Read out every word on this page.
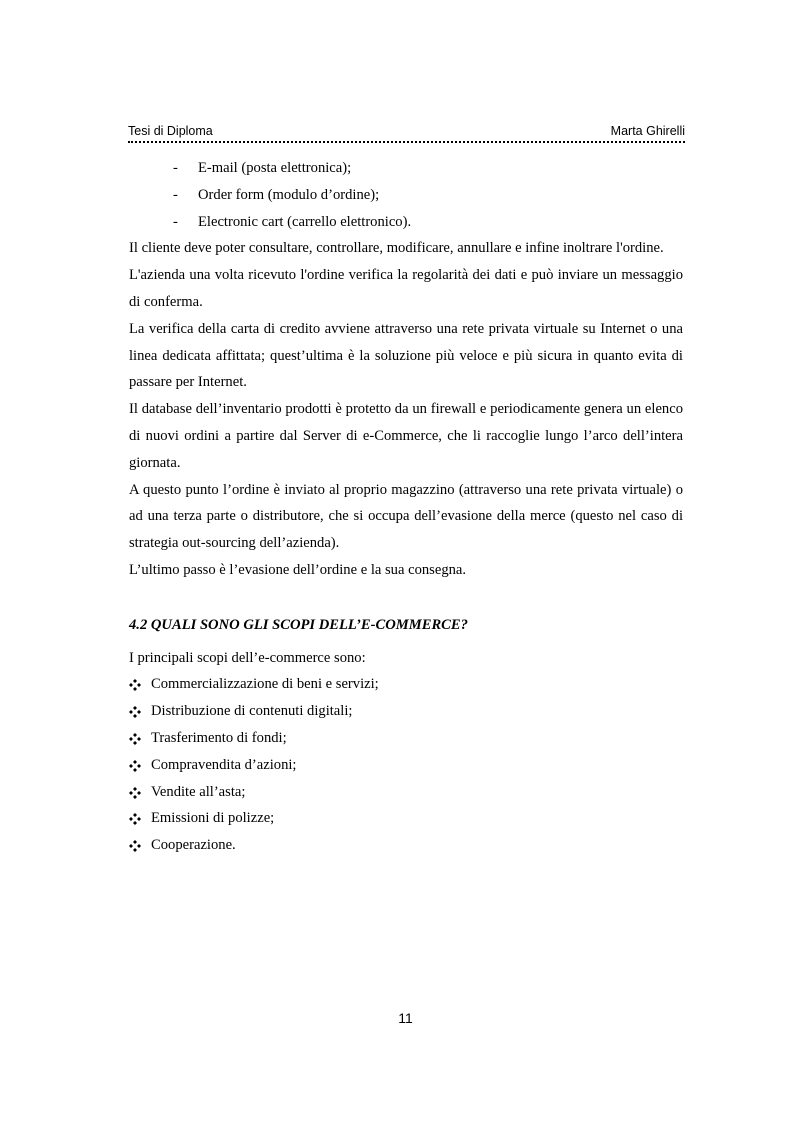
Tesi di Diploma	Marta Ghirelli
- E-mail (posta elettronica);
- Order form (modulo d’ordine);
- Electronic cart (carrello elettronico).

Il cliente deve poter consultare, controllare, modificare, annullare e infine inoltrare l'ordine.

L'azienda una volta ricevuto l'ordine verifica la regolarità dei dati e può inviare un messaggio di conferma.

La verifica della carta di credito avviene attraverso una rete privata virtuale su Internet o una linea dedicata affittata; quest’ultima è la soluzione più veloce e più sicura in quanto evita di passare per Internet.

Il database dell’inventario prodotti è protetto da un firewall e periodicamente genera un elenco di nuovi ordini a partire dal Server di e-Commerce, che li raccoglie lungo l’arco dell’intera giornata.

A questo punto l’ordine è inviato al proprio magazzino (attraverso una rete privata virtuale) o ad una terza parte o distributore, che si occupa dell’evasione della merce (questo nel caso di strategia out-sourcing dell’azienda).

L’ultimo passo è l’evasione dell’ordine e la sua consegna.

4.2 QUALI SONO GLI SCOPI DELL’E-COMMERCE?

I principali scopi dell’e-commerce sono:

Commercializzazione di beni e servizi;
Distribuzione di contenuti digitali;
Trasferimento di fondi;
Compravendita d’azioni;
Vendite all’asta;
Emissioni di polizze;
Cooperazione.
11
